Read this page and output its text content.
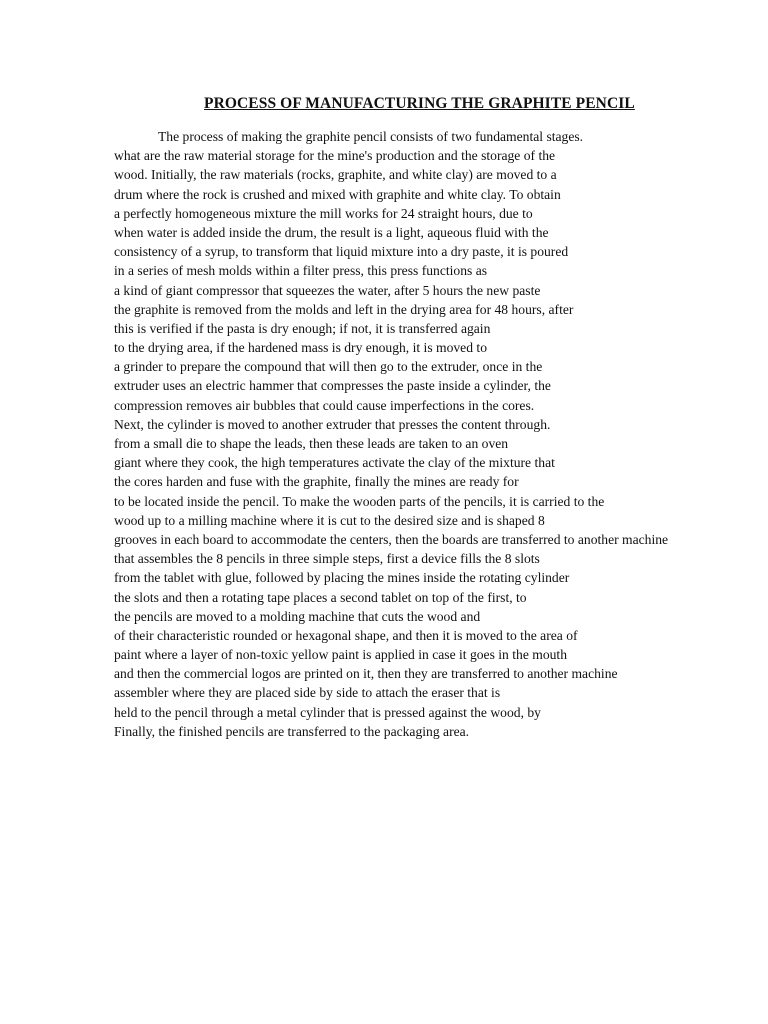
PROCESS OF MANUFACTURING THE GRAPHITE PENCIL
The process of making the graphite pencil consists of two fundamental stages.
what are the raw material storage for the mine's production and the storage of the
wood. Initially, the raw materials (rocks, graphite, and white clay) are moved to a
drum where the rock is crushed and mixed with graphite and white clay. To obtain
a perfectly homogeneous mixture the mill works for 24 straight hours, due to
when water is added inside the drum, the result is a light, aqueous fluid with the
consistency of a syrup, to transform that liquid mixture into a dry paste, it is poured
in a series of mesh molds within a filter press, this press functions as
a kind of giant compressor that squeezes the water, after 5 hours the new paste
the graphite is removed from the molds and left in the drying area for 48 hours, after
this is verified if the pasta is dry enough; if not, it is transferred again
to the drying area, if the hardened mass is dry enough, it is moved to
a grinder to prepare the compound that will then go to the extruder, once in the
extruder uses an electric hammer that compresses the paste inside a cylinder, the
compression removes air bubbles that could cause imperfections in the cores.
Next, the cylinder is moved to another extruder that presses the content through.
from a small die to shape the leads, then these leads are taken to an oven
giant where they cook, the high temperatures activate the clay of the mixture that
the cores harden and fuse with the graphite, finally the mines are ready for
to be located inside the pencil. To make the wooden parts of the pencils, it is carried to the
wood up to a milling machine where it is cut to the desired size and is shaped 8
grooves in each board to accommodate the centers, then the boards are transferred to another machine
that assembles the 8 pencils in three simple steps, first a device fills the 8 slots
from the tablet with glue, followed by placing the mines inside the rotating cylinder
the slots and then a rotating tape places a second tablet on top of the first, to
the pencils are moved to a molding machine that cuts the wood and
of their characteristic rounded or hexagonal shape, and then it is moved to the area of
paint where a layer of non-toxic yellow paint is applied in case it goes in the mouth
and then the commercial logos are printed on it, then they are transferred to another machine
assembler where they are placed side by side to attach the eraser that is
held to the pencil through a metal cylinder that is pressed against the wood, by
Finally, the finished pencils are transferred to the packaging area.
